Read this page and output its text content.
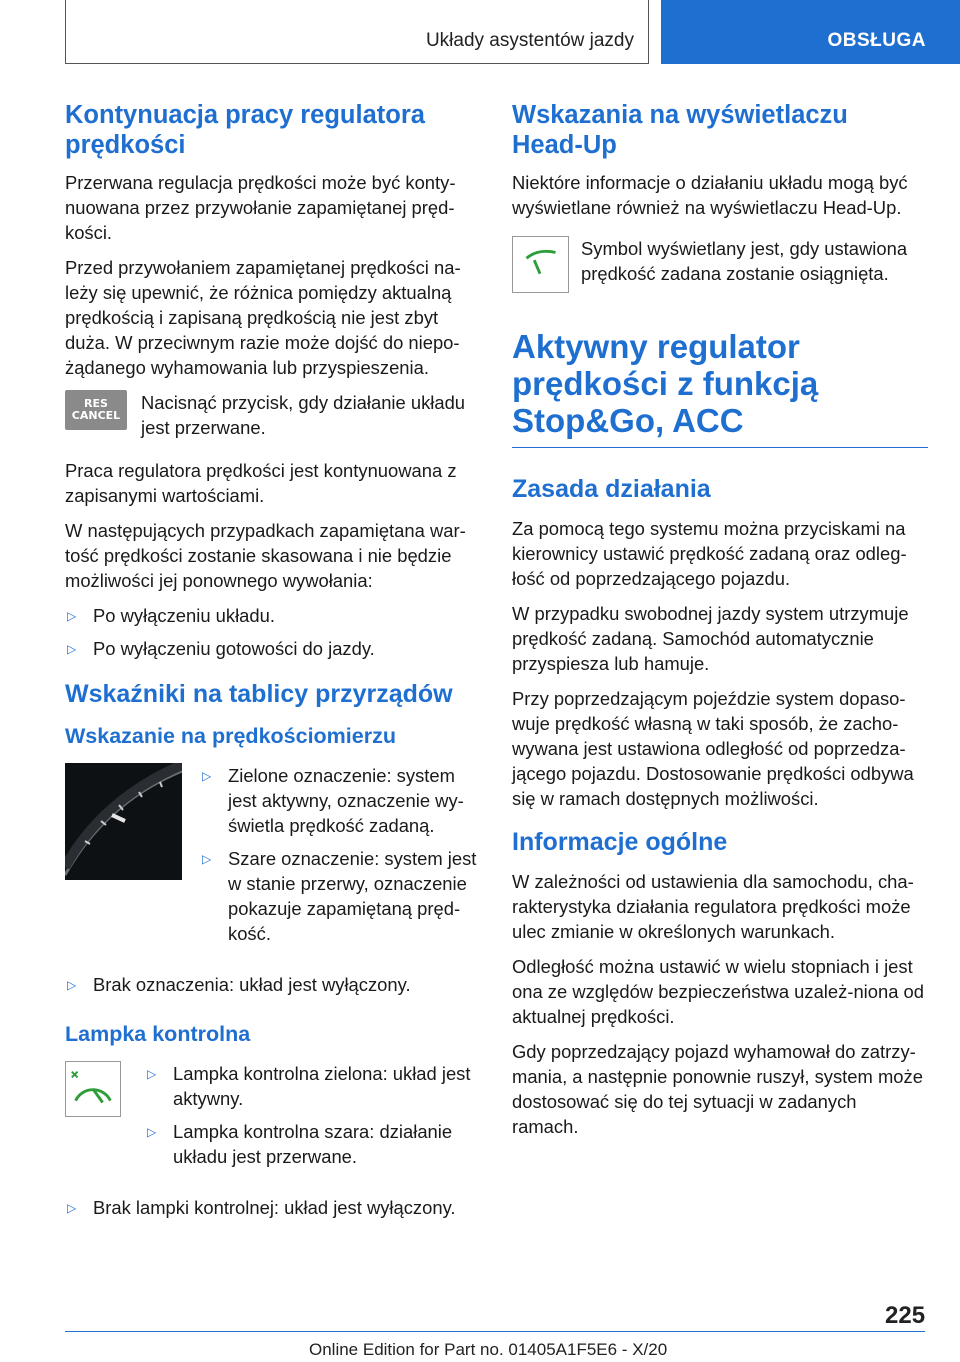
Układy asystentów jazdy	OBSŁUGA
Kontynuacja pracy regulatora prędkości

Przerwana regulacja prędkości może być konty-nuowana przez przywołanie zapamiętanej pręd-kości.

Przed przywołaniem zapamiętanej prędkości na-leży się upewnić, że różnica pomiędzy aktualną prędkością i zapisaną prędkością nie jest zbyt duża. W przeciwnym razie może dojść do niepo-żądanego wyhamowania lub przyspieszenia.

RES
CANCEL

Nacisnąć przycisk, gdy działanie układu jest przerwane.

Praca regulatora prędkości jest kontynuowana z zapisanymi wartościami.

W następujących przypadkach zapamiętana war-tość prędkości zostanie skasowana i nie będzie możliwości jej ponownego wywołania:

▷ Po wyłączeniu układu.
▷ Po wyłączeniu gotowości do jazdy.
Wskaźniki na tablicy przyrządów
Wskazanie na prędkościomierzu
▷ Zielone oznaczenie: system jest aktywny, oznaczenie wy-świetla prędkość zadaną.
▷ Szare oznaczenie: system jest w stanie przerwy, oznaczenie pokazuje zapamiętaną pręd-kość.
▷ Brak oznaczenia: układ jest wyłączony.
Lampka kontrolna
▷ Lampka kontrolna zielona: układ jest aktywny.
▷ Lampka kontrolna szara: działanie układu jest przerwane.
▷ Brak lampki kontrolnej: układ jest wyłączony.
Wskazania na wyświetlaczu Head-Up

Niektóre informacje o działaniu układu mogą być wyświetlane również na wyświetlaczu Head-Up.

Symbol wyświetlany jest, gdy ustawiona prędkość zadana zostanie osiągnięta.

Aktywny regulator prędkości z funkcją Stop&Go, ACC
Zasada działania

Za pomocą tego systemu można przyciskami na kierownicy ustawić prędkość zadaną oraz odleg-łość od poprzedzającego pojazdu.

W przypadku swobodnej jazdy system utrzymuje prędkość zadaną. Samochód automatycznie przyspiesza lub hamuje.

Przy poprzedzającym pojeździe system dopaso-wuje prędkość własną w taki sposób, że zacho-wywana jest ustawiona odległość od poprzedza-jącego pojazdu. Dostosowanie prędkości odbywa się w ramach dostępnych możliwości.

Informacje ogólne

W zależności od ustawienia dla samochodu, cha-rakterystyka działania regulatora prędkości może ulec zmianie w określonych warunkach.

Odległość można ustawić w wielu stopniach i jest ona ze względów bezpieczeństwa uzależ-niona od aktualnej prędkości.

Gdy poprzedzający pojazd wyhamował do zatrzy-mania, a następnie ponownie ruszył, system może dostosować się do tej sytuacji w zadanych ramach.

225
Online Edition for Part no. 01405A1F5E6 - X/20
